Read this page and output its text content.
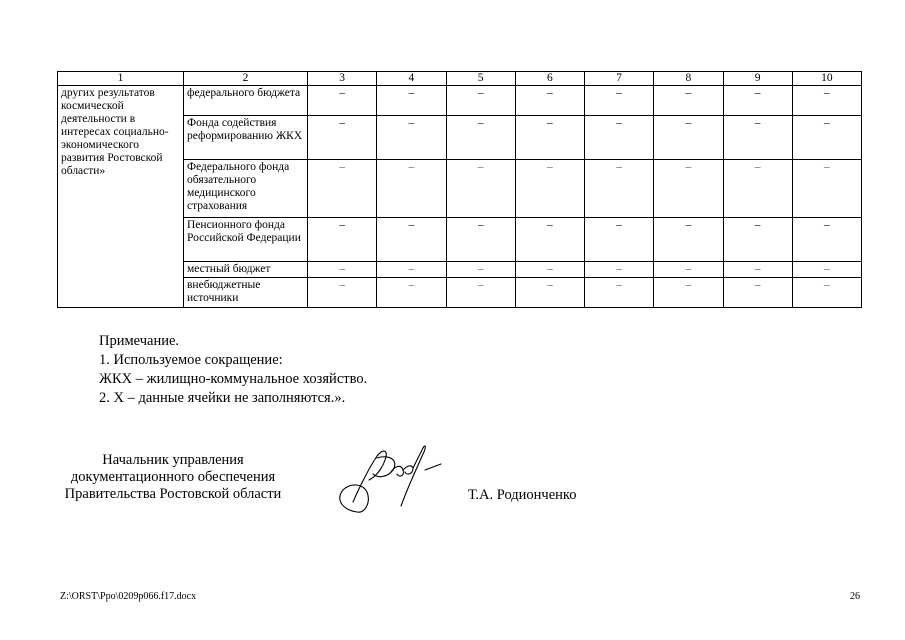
1	2	3	4	5	6	7	8	9	10
других результатов космической деятельности в интересах социально-экономического развития Ростовской области»	федерального бюджета	–	–	–	–	–	–	–	–
	Фонда содействия реформированию ЖКХ	–	–	–	–	–	–	–	–
	Федерального фонда обязательного медицинского страхования	–	–	–	–	–	–	–	–
	Пенсионного фонда Российской Федерации	–	–	–	–	–	–	–	–
	местный бюджет	–	–	–	–	–	–	–	–
	внебюджетные источники	–	–	–	–	–	–	–	–
Примечание.
1. Используемое сокращение:
ЖКХ – жилищно-коммунальное хозяйство.
2. Х – данные ячейки не заполняются.».
Начальник управления
документационного обеспечения
Правительства Ростовской области	Т.А. Родионченко
Z:\ORST\Ppo\0209p066.f17.docx	26
